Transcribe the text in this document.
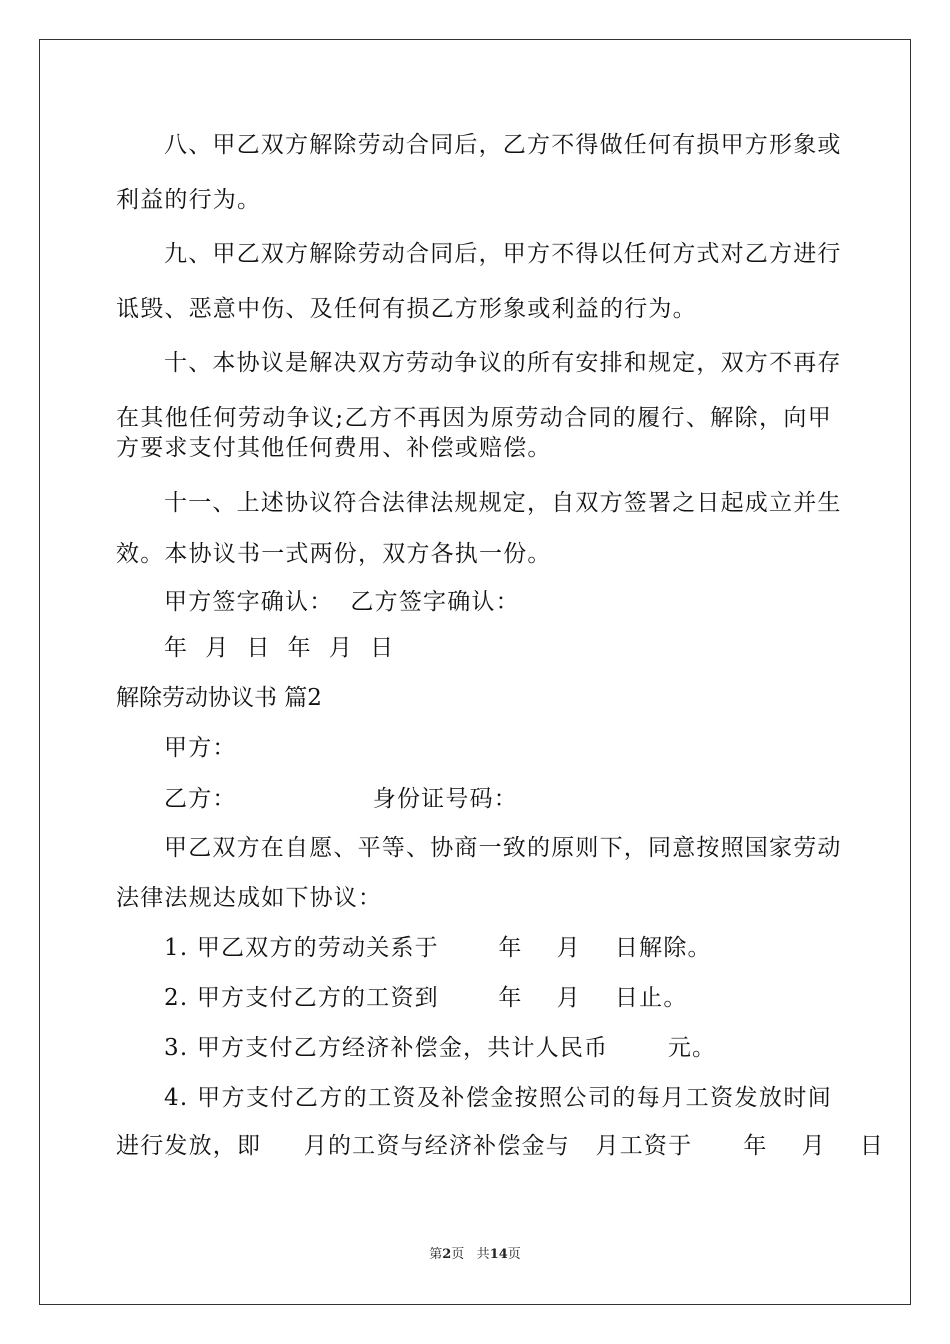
八、甲乙双方解除劳动合同后，乙方不得做任何有损甲方形象或
利益的行为。
九、甲乙双方解除劳动合同后，甲方不得以任何方式对乙方进行
诋毁、恶意中伤、及任何有损乙方形象或利益的行为。
十、本协议是解决双方劳动争议的所有安排和规定，双方不再存
在其他任何劳动争议;乙方不再因为原劳动合同的履行、解除，向甲
方要求支付其他任何费用、补偿或赔偿。
十一、上述协议符合法律法规规定，自双方签署之日起成立并生
效。本协议书一式两份，双方各执一份。
甲方签字确认：  乙方签字确认：
年  月  日  年  月  日
解除劳动协议书 篇2
甲方：
乙方：                身份证号码：
甲乙双方在自愿、平等、协商一致的原则下，同意按照国家劳动
法律法规达成如下协议：
1. 甲乙双方的劳动关系于       年    月    日解除。
2. 甲方支付乙方的工资到       年    月    日止。
3. 甲方支付乙方经济补偿金，共计人民币       元。
4. 甲方支付乙方的工资及补偿金按照公司的每月工资发放时间
进行发放，即     月的工资与经济补偿金与   月工资于      年    月    日
第2页 共14页
